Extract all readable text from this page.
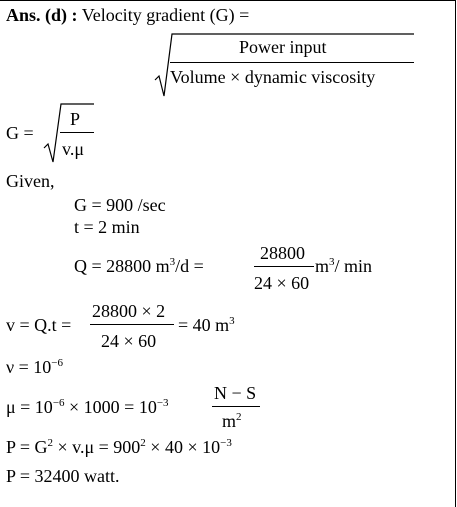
Ans. (d) : Velocity gradient (G) =
Power input
Volume × dynamic viscosity
G =
P
v.μ
Given,
G = 900 /sec
t = 2 min
Q = 28800 $m^3/d$ =
28800
24 × 60
$m^3/$ min
v = Q.t =
28800 × 2
24 × 60
= 40 $m^3$
$\nu = 10^{-6}$
$\mu = 10^{-6} \times 1000 = 10^{-3}$	N − S
$m^2$
$P = G^2 \times v.\mu = 900^2 \times 40 \times 10^{-3}$
P = 32400 watt.
